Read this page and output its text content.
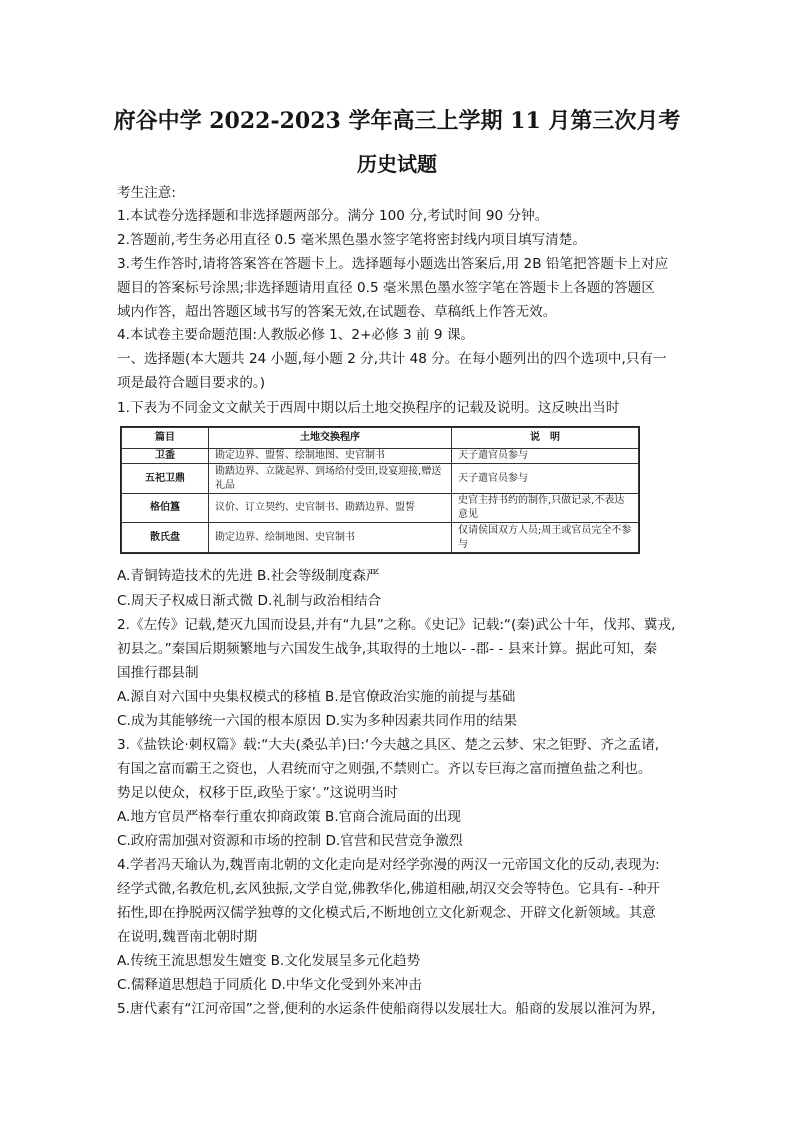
府谷中学 2022-2023 学年高三上学期 11 月第三次月考
历史试题
考生注意:
1.本试卷分选择题和非选择题两部分。满分 100 分,考试时间 90 分钟。
2.答题前,考生务必用直径 0.5 毫米黑色墨水签字笔将密封线内项目填写清楚。
3.考生作答时,请将答案答在答题卡上。选择题每小题选出答案后,用 2B 铅笔把答题卡上对应
题目的答案标号涂黑;非选择题请用直径 0.5 毫米黑色墨水签字笔在答题卡上各题的答题区
域内作答，超出答题区域书写的答案无效,在试题卷、草稿纸上作答无效。
4.本试卷主要命题范围:人教版必修 1、2+必修 3 前 9 课。
一、选择题(本大题共 24 小题,每小题 2 分,共计 48 分。在每小题列出的四个选项中,只有一
项是最符合题目要求的。)
1.下表为不同金文文献关于西周中期以后土地交换程序的记载及说明。这反映出当时
篇目	土地交换程序	说　明
卫盉	勘定边界、盟誓、绘制地图、史官制书	天子遣官员参与
五祀卫鼎	勘踏边界、立陇起界、到场给付受田,设宴迎接,赠送礼品	天子遣官员参与
格伯簋	议价、订立契约、史官制书、勘踏边界、盟誓	史官主持书约的制作,只做记录,不表达意见
散氏盘	勘定边界、绘制地图、史官制书	仅请侯国双方人员;周王或官员完全不参与
A.青铜铸造技术的先进 B.社会等级制度森严
C.周天子权威日渐式微 D.礼制与政治相结合
2.《左传》记载,楚灭九国而设县,并有“九县”之称。《史记》记载:“(秦)武公十年，伐邦、冀戎,
初县之。”秦国后期频繁地与六国发生战争,其取得的土地以- -郡- - 县来计算。据此可知，秦
国推行郡县制
A.源自对六国中央集权模式的移植 B.是官僚政治实施的前提与基础
C.成为其能够统一六国的根本原因 D.实为多种因素共同作用的结果
3.《盐铁论·刺权篇》载:“大夫(桑弘羊)曰:‘今夫越之具区、楚之云梦、宋之钜野、齐之孟诸,
有国之富而霸王之资也，人君统而守之则强,不禁则亡。齐以专巨海之富而擅鱼盐之利也。
势足以使众，权移于臣,政坠于家’。”这说明当时
A.地方官员严格奉行重农抑商政策 B.官商合流局面的出现
C.政府需加强对资源和市场的控制 D.官营和民营竞争激烈
4.学者冯天瑜认为,魏晋南北朝的文化走向是对经学弥漫的两汉一元帝国文化的反动,表现为:
经学式微,名教危机,玄风独振,文学自觉,佛教华化,佛道相融,胡汉交会等特色。它具有- -种开
拓性,即在挣脱两汉儒学独尊的文化模式后,不断地创立文化新观念、开辟文化新领域。其意
在说明,魏晋南北朝时期
A.传统王流思想发生嬗变 B.文化发展呈多元化趋势
C.儒释道思想趋于同质化 D.中华文化受到外来冲击
5.唐代素有“江河帝国”之誉,便利的水运条件使船商得以发展壮大。船商的发展以淮河为界,
